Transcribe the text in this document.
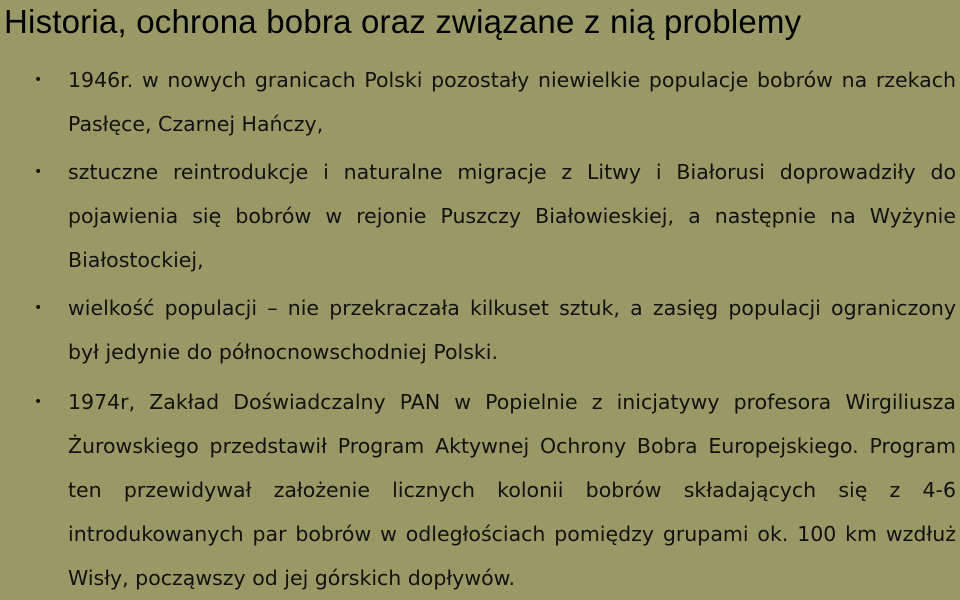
Historia, ochrona bobra oraz związane z nią problemy
• 1946r. w nowych granicach Polski pozostały niewielkie populacje bobrów na rzekach Pasłęce, Czarnej Hańczy,
• sztuczne reintrodukcje i naturalne migracje z Litwy i Białorusi doprowadziły do pojawienia się bobrów w rejonie Puszczy Białowieskiej, a następnie na Wyżynie Białostockiej,
• wielkość populacji – nie przekraczała kilkuset sztuk, a zasięg populacji ograniczony był jedynie do północnowschodniej Polski.
• 1974r, Zakład Doświadczalny PAN w Popielnie z inicjatywy profesora Wirgiliusza Żurowskiego przedstawił Program Aktywnej Ochrony Bobra Europejskiego. Program ten przewidywał założenie licznych kolonii bobrów składających się z 4-6 introdukowanych par bobrów w odległościach pomiędzy grupami ok. 100 km wzdłuż Wisły, począwszy od jej górskich dopływów.
